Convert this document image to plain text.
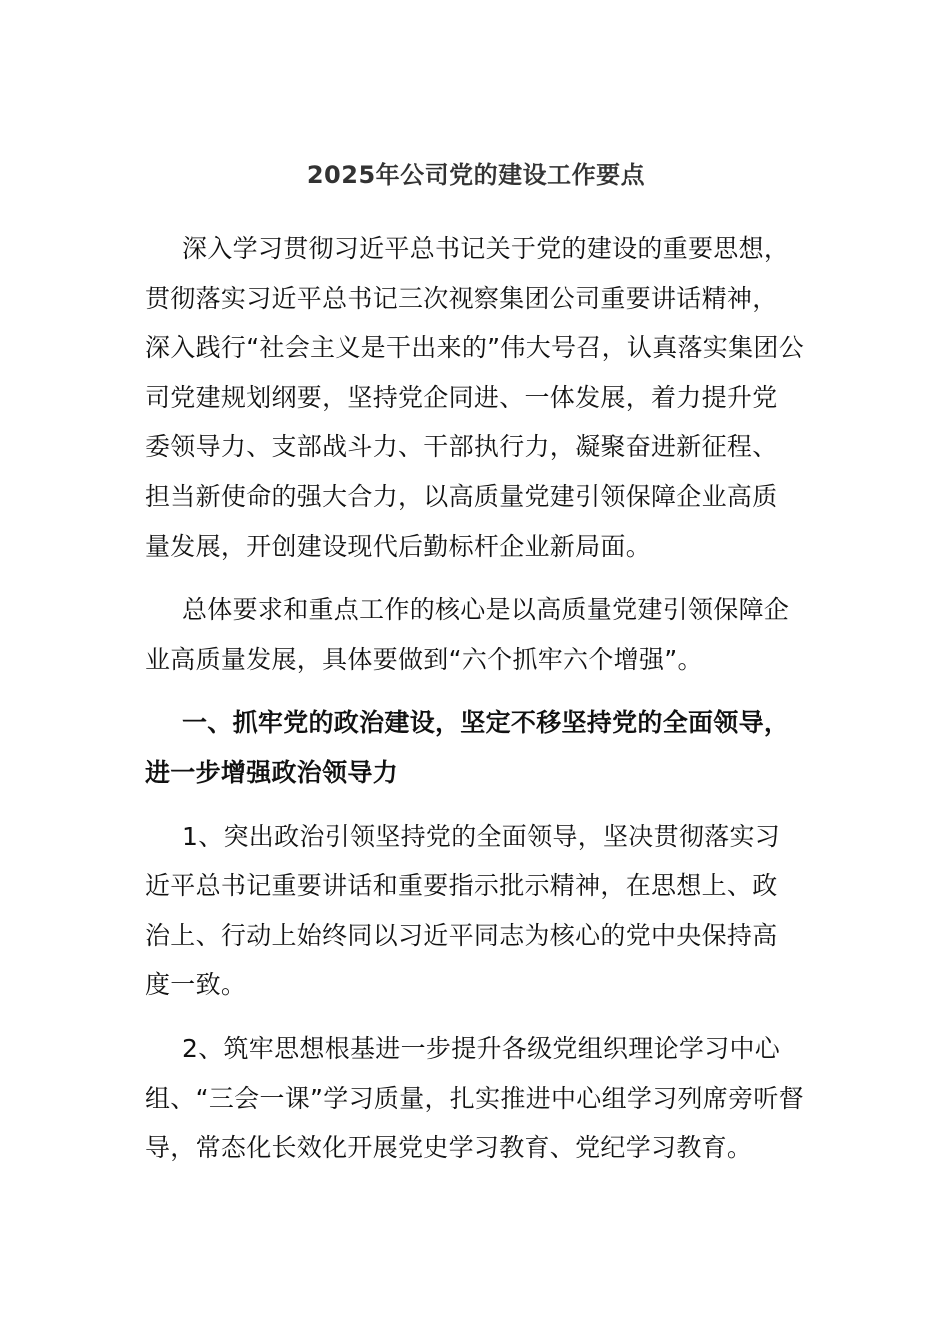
2025年公司党的建设工作要点
深入学习贯彻习近平总书记关于党的建设的重要思想，
贯彻落实习近平总书记三次视察集团公司重要讲话精神，
深入践行“社会主义是干出来的”伟大号召，认真落实集团公
司党建规划纲要，坚持党企同进、一体发展，着力提升党
委领导力、支部战斗力、干部执行力，凝聚奋进新征程、
担当新使命的强大合力，以高质量党建引领保障企业高质
量发展，开创建设现代后勤标杆企业新局面。
总体要求和重点工作的核心是以高质量党建引领保障企
业高质量发展，具体要做到“六个抓牢六个增强”。
一、抓牢党的政治建设，坚定不移坚持党的全面领导，
进一步增强政治领导力
1、突出政治引领坚持党的全面领导，坚决贯彻落实习
近平总书记重要讲话和重要指示批示精神，在思想上、政
治上、行动上始终同以习近平同志为核心的党中央保持高
度一致。
2、筑牢思想根基进一步提升各级党组织理论学习中心
组、“三会一课”学习质量，扎实推进中心组学习列席旁听督
导，常态化长效化开展党史学习教育、党纪学习教育。
